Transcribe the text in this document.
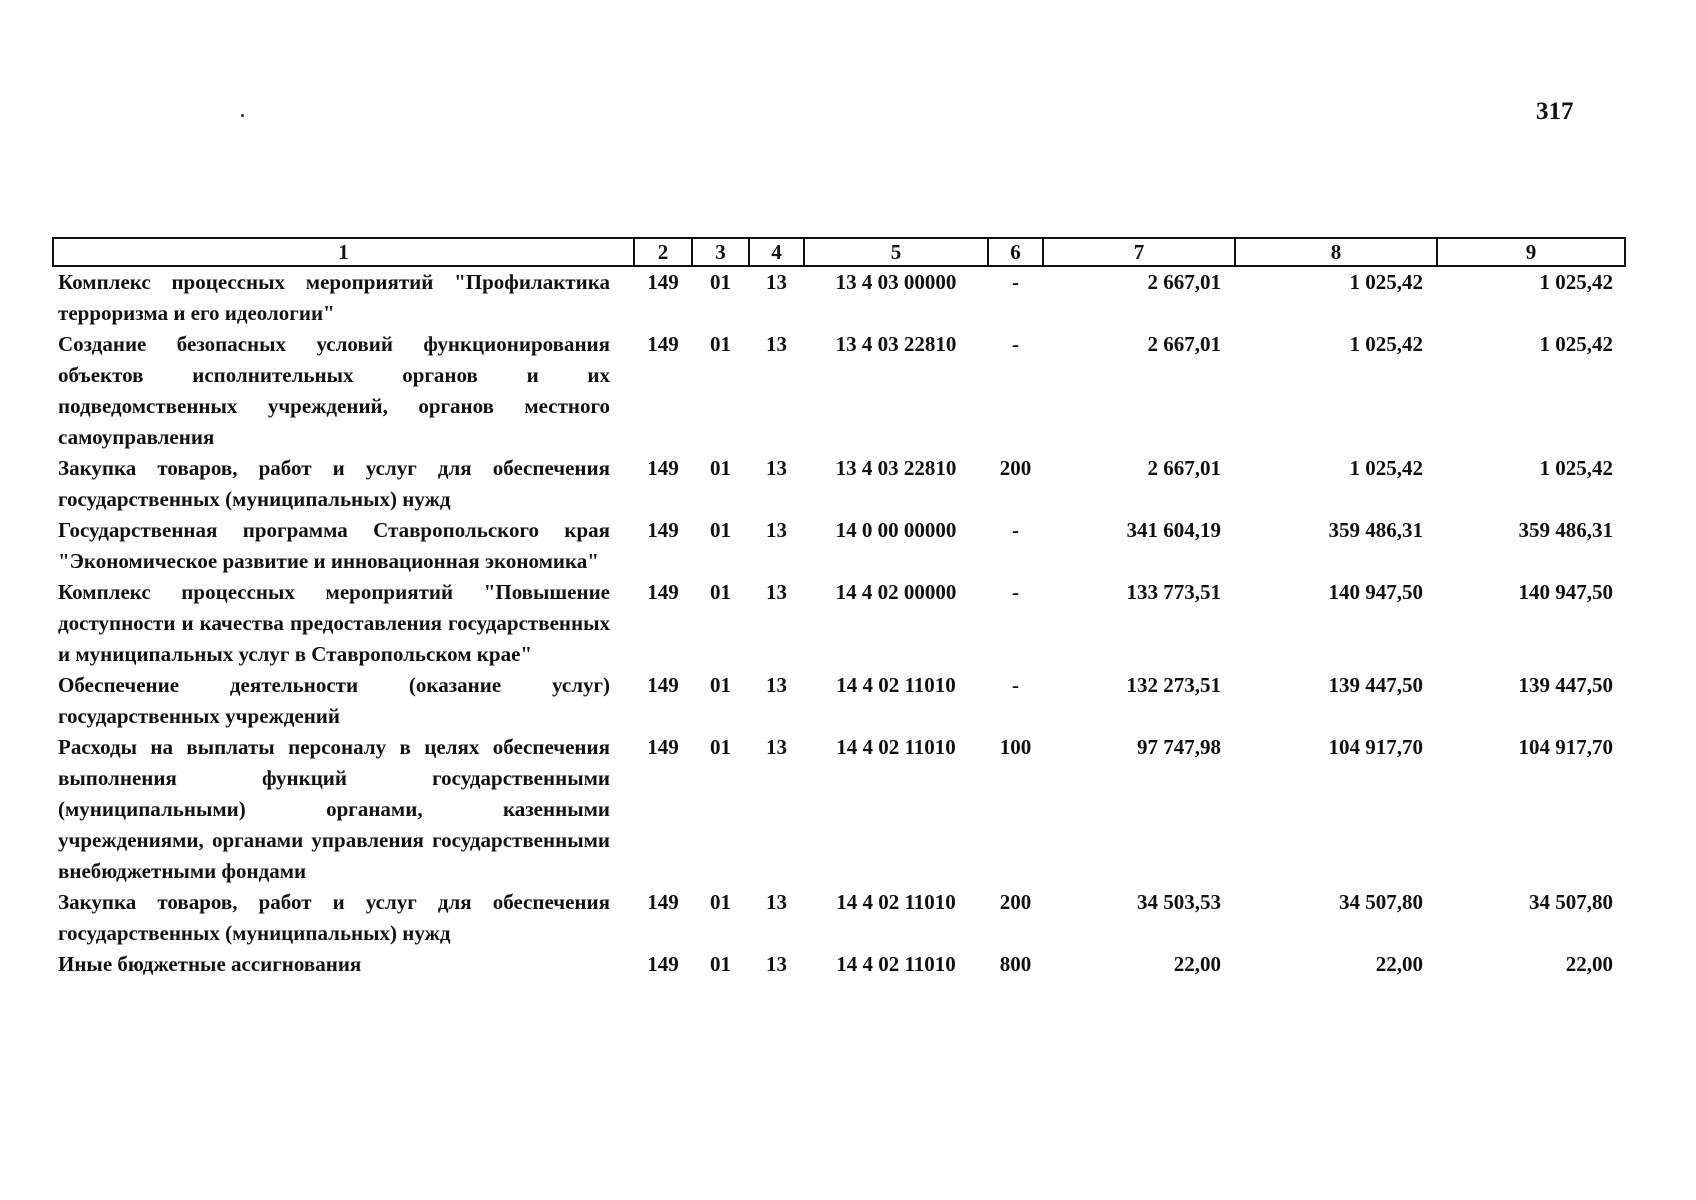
317
1	2	3	4	5	6	7	8	9
Комплекс процессных мероприятий "Профилактика терроризма и его идеологии"	149	01	13	13 4 03 00000	-	2 667,01	1 025,42	1 025,42
Создание безопасных условий функционирования объектов исполнительных органов и их подведомственных учреждений, органов местного самоуправления	149	01	13	13 4 03 22810	-	2 667,01	1 025,42	1 025,42
Закупка товаров, работ и услуг для обеспечения государственных (муниципальных) нужд	149	01	13	13 4 03 22810	200	2 667,01	1 025,42	1 025,42
Государственная программа Ставропольского края "Экономическое развитие и инновационная экономика"	149	01	13	14 0 00 00000	-	341 604,19	359 486,31	359 486,31
Комплекс процессных мероприятий "Повышение доступности и качества предоставления государственных и муниципальных услуг в Ставропольском крае"	149	01	13	14 4 02 00000	-	133 773,51	140 947,50	140 947,50
Обеспечение деятельности (оказание услуг) государственных учреждений	149	01	13	14 4 02 11010	-	132 273,51	139 447,50	139 447,50
Расходы на выплаты персоналу в целях обеспечения выполнения функций государственными (муниципальными) органами, казенными учреждениями, органами управления государственными внебюджетными фондами	149	01	13	14 4 02 11010	100	97 747,98	104 917,70	104 917,70
Закупка товаров, работ и услуг для обеспечения государственных (муниципальных) нужд	149	01	13	14 4 02 11010	200	34 503,53	34 507,80	34 507,80
Иные бюджетные ассигнования	149	01	13	14 4 02 11010	800	22,00	22,00	22,00
